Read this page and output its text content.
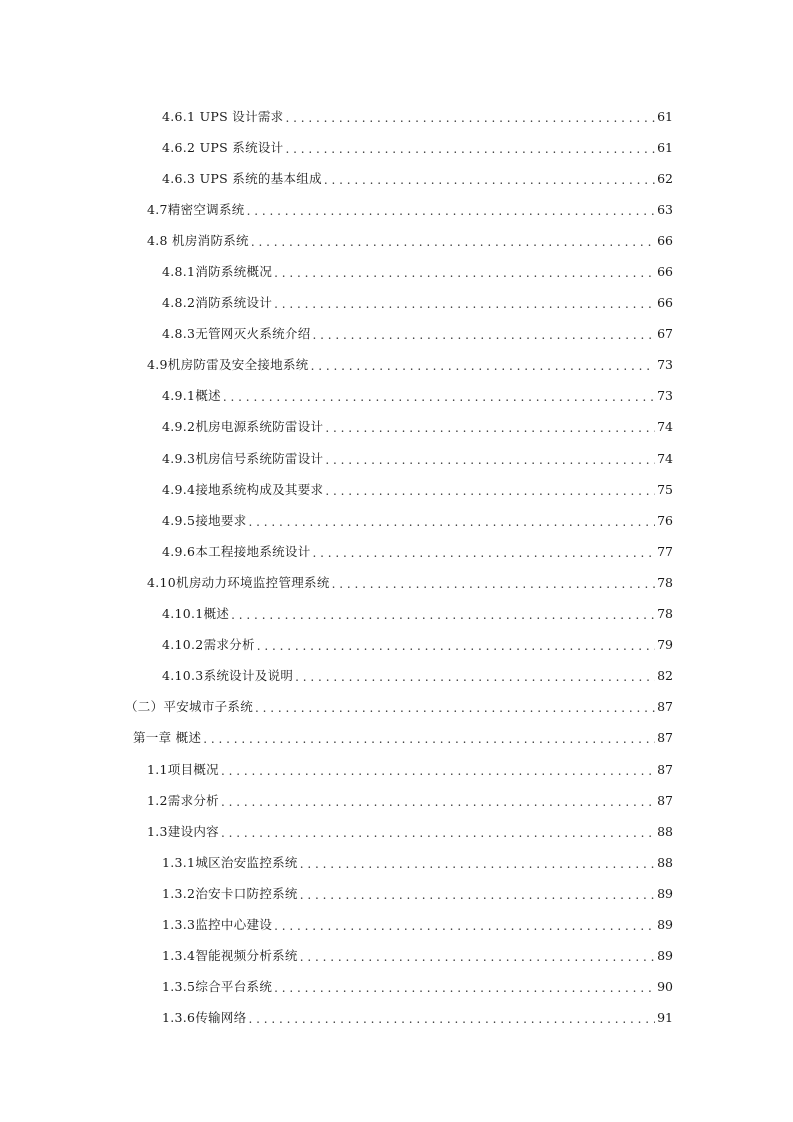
4.6.1 UPS 设计需求 . . .	61
4.6.2 UPS 系统设计 . . .	61
4.6.3 UPS 系统的基本组成 . . .	62
4.7精密空调系统 . . .	63
4.8 机房消防系统 . . .	66
4.8.1消防系统概况 . . .	66
4.8.2消防系统设计 . . .	66
4.8.3无管网灭火系统介绍 . . .	67
4.9机房防雷及安全接地系统 . . .	73
4.9.1概述 . . .	73
4.9.2机房电源系统防雷设计 . . .	74
4.9.3机房信号系统防雷设计 . . .	74
4.9.4接地系统构成及其要求 . . .	75
4.9.5接地要求 . . .	76
4.9.6本工程接地系统设计 . . .	77
4.10机房动力环境监控管理系统 . . .	78
4.10.1概述 . . .	78
4.10.2需求分析 . . .	79
4.10.3系统设计及说明 . . .	82
（二）平安城市子系统 . . .	87
第一章 概述 . . .	87
1.1项目概况 . . .	87
1.2需求分析 . . .	87
1.3建设内容 . . .	88
1.3.1城区治安监控系统 . . .	88
1.3.2治安卡口防控系统 . . .	89
1.3.3监控中心建设 . . .	89
1.3.4智能视频分析系统 . . .	89
1.3.5综合平台系统 . . .	90
1.3.6传输网络 . . .	91
